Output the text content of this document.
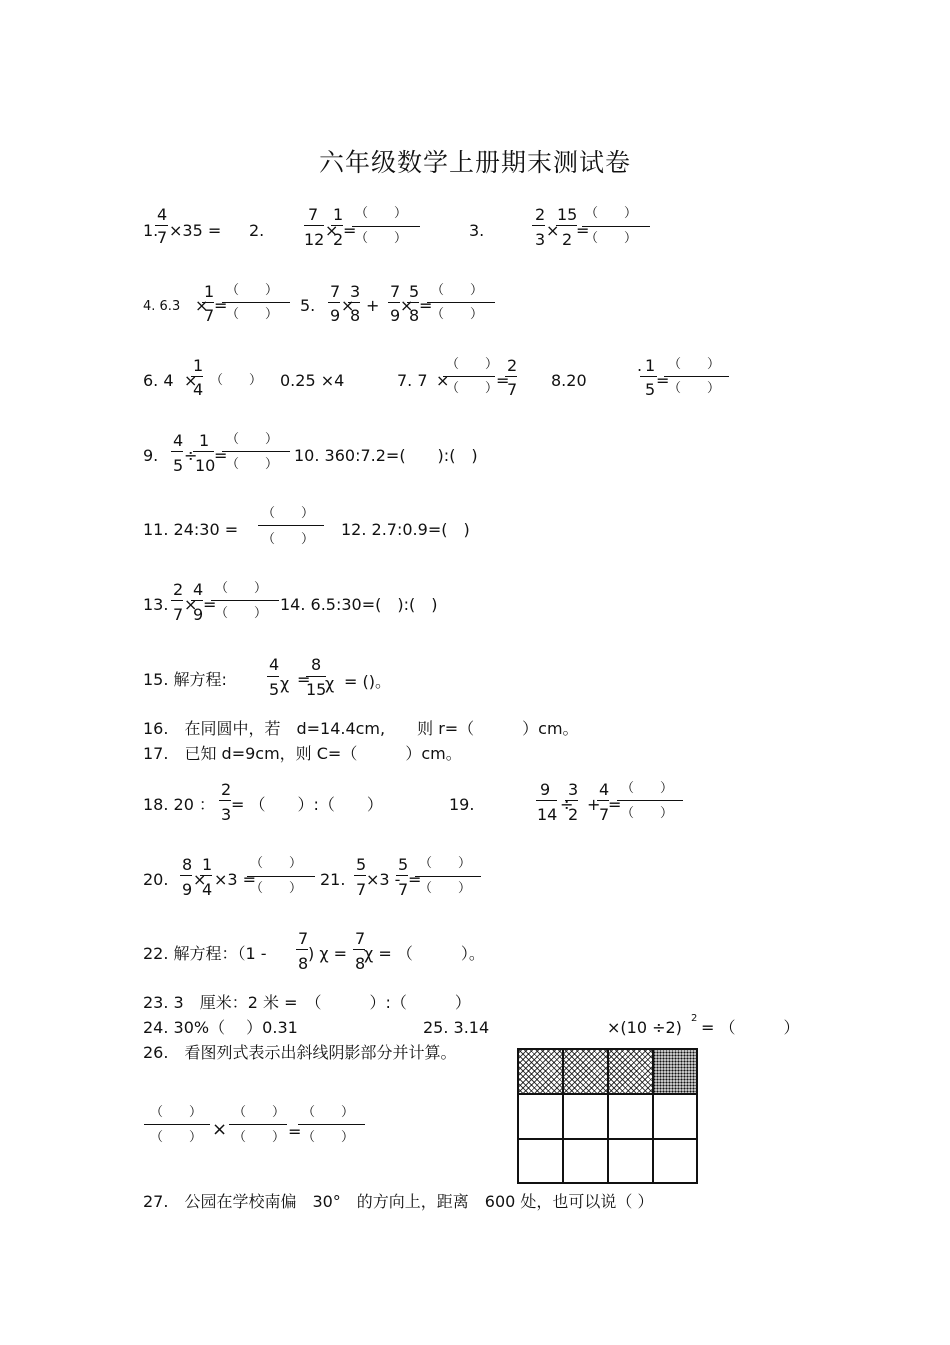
六年级数学上册期末测试卷
1.
4
7 ×35 = 2.
7
12 ×
1
2 =
（　　）
（　　）	3.
2
3 ×
15
2 =
（　　）
（　　）
4. 6.3 ×
1
7
=
（　　）
（　　） 5.
7
9
×
3
8
+
7
9
×
5
8
=
（　　）
（　　）
6. 4 ×
1
4 （　　） 0.25 ×4	7. 7 ×
（　　）
（　　）
=
2
7 8.20
. 1
5 =
（　　）
（　　）
9.
4
5
÷
1
10
=
（　　）
（　　） 10. 360:7.2=(　　):(　)
11. 24:30 =
（　　）
（　　）
12. 2.7:0.9=(　)
13.
2
7
×
4
9
=
（　　）
（　　） 14. 6.5:30=(　):(　)
15. 解方程:
4
5 χ =
8
15
χ = ()。
16.　在同圆中，若　d=14.4cm,　　则 r=（　　　）cm。
17.　已知 d=9cm，则 C=（　　　）cm。
18. 20 ：
2
3
= （　　）:（　　）	19.
9
14
÷
3
2
+
4
7
=
（　　）
（　　）
20.
8
9
×
1
4
×3 =
（　　）
（　　） 21.
5
7
×3 -
5
7
=
（　　）
（　　）
22. 解方程：（1 -
7
8
) χ =
7
8
χ = （　　　）。
23. 3　厘米：2 米 =　（　　　）:（　　　）
24. 30%（　 ）0.31	25. 3.14	×(10 ÷2) 2 = （　　　）
26.　看图列式表示出斜线阴影部分并计算。
（　　）
（　　） ×
（　　）
（　　） =
（　　）
（　　）
27.　公园在学校南偏　30°　的方向上，距离　600 处，也可以说（ ）
